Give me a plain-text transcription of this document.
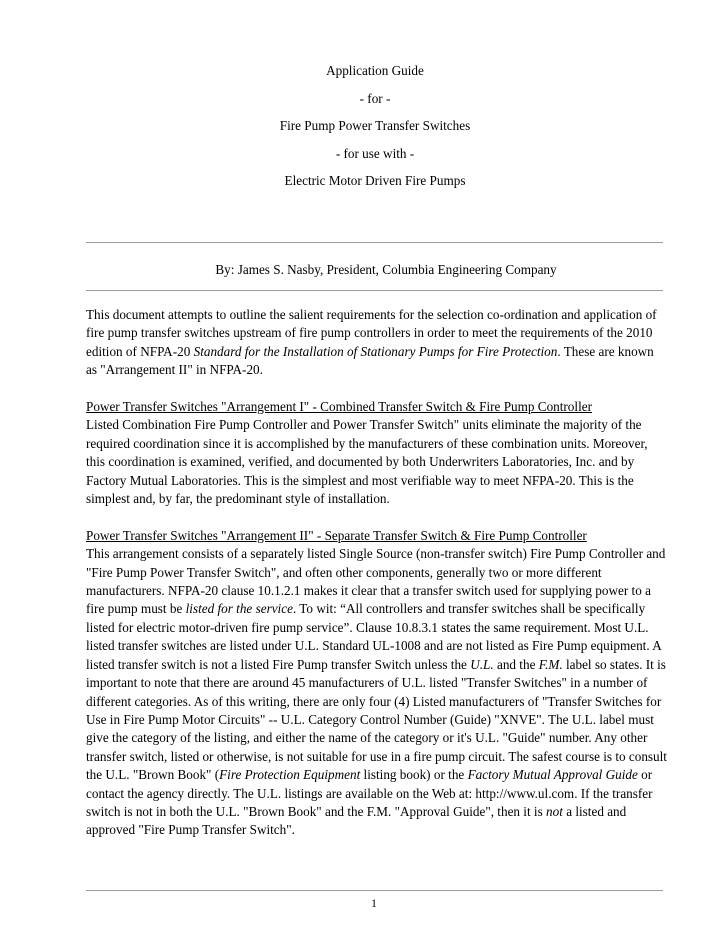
Application Guide
- for -
Fire Pump Power Transfer Switches
- for use with -
Electric Motor Driven Fire Pumps
By: James S. Nasby, President, Columbia Engineering Company

This document attempts to outline the salient requirements for the selection co-ordination and application of fire pump transfer switches upstream of fire pump controllers in order to meet the requirements of the 2010 edition of NFPA-20 Standard for the Installation of Stationary Pumps for Fire Protection. These are known as "Arrangement II" in NFPA-20.

Power Transfer Switches "Arrangement I" - Combined Transfer Switch & Fire Pump Controller
Listed Combination Fire Pump Controller and Power Transfer Switch" units eliminate the majority of the required coordination since it is accomplished by the manufacturers of these combination units. Moreover, this coordination is examined, verified, and documented by both Underwriters Laboratories, Inc. and by Factory Mutual Laboratories. This is the simplest and most verifiable way to meet NFPA-20. This is the simplest and, by far, the predominant style of installation.

Power Transfer Switches "Arrangement II" - Separate Transfer Switch & Fire Pump Controller
This arrangement consists of a separately listed Single Source (non-transfer switch) Fire Pump Controller and "Fire Pump Power Transfer Switch", and often other components, generally two or more different manufacturers. NFPA-20 clause 10.1.2.1 makes it clear that a transfer switch used for supplying power to a fire pump must be listed for the service. To wit: “All controllers and transfer switches shall be specifically listed for electric motor-driven fire pump service”. Clause 10.8.3.1 states the same requirement. Most U.L. listed transfer switches are listed under U.L. Standard UL-1008 and are not listed as Fire Pump equipment. A listed transfer switch is not a listed Fire Pump transfer Switch unless the U.L. and the F.M. label so states. It is important to note that there are around 45 manufacturers of U.L. listed "Transfer Switches" in a number of different categories. As of this writing, there are only four (4) Listed manufacturers of "Transfer Switches for Use in Fire Pump Motor Circuits" -- U.L. Category Control Number (Guide) "XNVE". The U.L. label must give the category of the listing, and either the name of the category or it's U.L. "Guide" number. Any other transfer switch, listed or otherwise, is not suitable for use in a fire pump circuit. The safest course is to consult the U.L. "Brown Book" (Fire Protection Equipment listing book) or the Factory Mutual Approval Guide or contact the agency directly. The U.L. listings are available on the Web at: http://www.ul.com. If the transfer switch is not in both the U.L. "Brown Book" and the F.M. "Approval Guide", then it is not a listed and approved "Fire Pump Transfer Switch".

1
